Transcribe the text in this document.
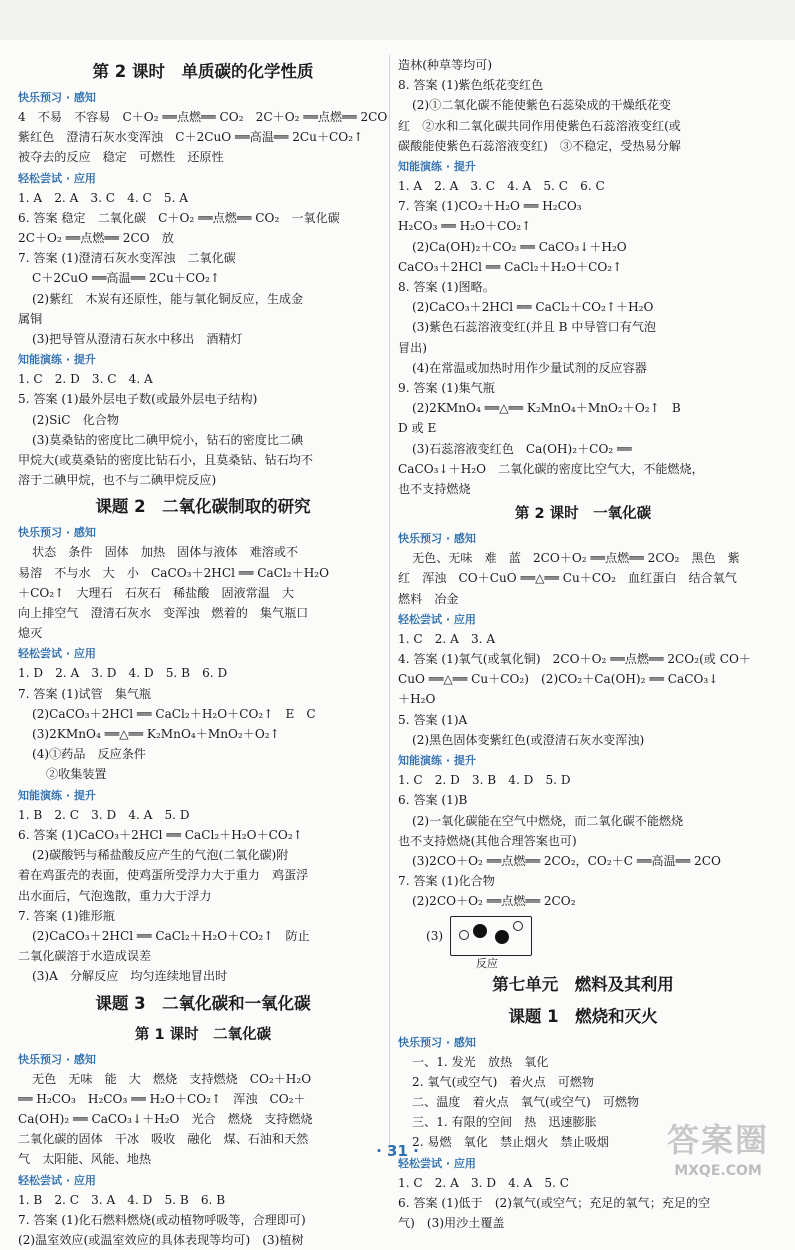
第 2 课时　单质碳的化学性质
快乐预习 · 感知
4　不易　不容易　C＋O₂ ══点燃══ CO₂　2C＋O₂ ══点燃══ 2CO
紫红色　澄清石灰水变浑浊　C＋2CuO ══高温══ 2Cu＋CO₂↑
被夺去的反应　稳定　可燃性　还原性
轻松尝试 · 应用
1. A　2. A　3. C　4. C　5. A
6. 答案 稳定　二氧化碳　C＋O₂ ══点燃══ CO₂　一氧化碳
2C＋O₂ ══点燃══ 2CO　放
7. 答案 (1)澄清石灰水变浑浊　二氧化碳
C＋2CuO ══高温══ 2Cu＋CO₂↑
(2)紫红　木炭有还原性，能与氧化铜反应，生成金
属铜
(3)把导管从澄清石灰水中移出　酒精灯
知能演练 · 提升
1. C　2. D　3. C　4. A
5. 答案 (1)最外层电子数(或最外层电子结构)
(2)SiC　化合物
(3)莫桑钻的密度比二碘甲烷小，钻石的密度比二碘
甲烷大(或莫桑钻的密度比钻石小，且莫桑钻、钻石均不
溶于二碘甲烷，也不与二碘甲烷反应)
课题 2　二氧化碳制取的研究
快乐预习 · 感知
状态　条件　固体　加热　固体与液体　难溶或不
易溶　不与水　大　小　CaCO₃＋2HCl ══ CaCl₂＋H₂O
＋CO₂↑　大理石　石灰石　稀盐酸　固液常温　大
向上排空气　澄清石灰水　变浑浊　燃着的　集气瓶口
熄灭
轻松尝试 · 应用
1. D　2. A　3. D　4. D　5. B　6. D
7. 答案 (1)试管　集气瓶
(2)CaCO₃＋2HCl ══ CaCl₂＋H₂O＋CO₂↑　E　C
(3)2KMnO₄ ══△══ K₂MnO₄＋MnO₂＋O₂↑
(4)①药品　反应条件
②收集装置
知能演练 · 提升
1. B　2. C　3. D　4. A　5. D
6. 答案 (1)CaCO₃＋2HCl ══ CaCl₂＋H₂O＋CO₂↑
(2)碳酸钙与稀盐酸反应产生的气泡(二氧化碳)附
着在鸡蛋壳的表面，使鸡蛋所受浮力大于重力　鸡蛋浮
出水面后，气泡逸散，重力大于浮力
7. 答案 (1)锥形瓶
(2)CaCO₃＋2HCl ══ CaCl₂＋H₂O＋CO₂↑　防止
二氧化碳溶于水造成误差
(3)A　分解反应　均匀连续地冒出时
课题 3　二氧化碳和一氧化碳
第 1 课时　二氧化碳
快乐预习 · 感知
无色　无味　能　大　燃烧　支持燃烧　CO₂＋H₂O
══ H₂CO₃　H₂CO₃ ══ H₂O＋CO₂↑　浑浊　CO₂＋
Ca(OH)₂ ══ CaCO₃↓＋H₂O　光合　燃烧　支持燃烧
二氧化碳的固体　干冰　吸收　融化　煤、石油和天然
气　太阳能、风能、地热
轻松尝试 · 应用
1. B　2. C　3. A　4. D　5. B　6. B
7. 答案 (1)化石燃料燃烧(或动植物呼吸等，合理即可)
(2)温室效应(或温室效应的具体表现等均可)　(3)植树
造林(种草等均可)
8. 答案 (1)紫色纸花变红色
(2)①二氧化碳不能使紫色石蕊染成的干燥纸花变
红　②水和二氧化碳共同作用使紫色石蕊溶液变红(或
碳酸能使紫色石蕊溶液变红)　③不稳定，受热易分解
知能演练 · 提升
1. A　2. A　3. C　4. A　5. C　6. C
7. 答案 (1)CO₂＋H₂O ══ H₂CO₃
H₂CO₃ ══ H₂O＋CO₂↑
(2)Ca(OH)₂＋CO₂ ══ CaCO₃↓＋H₂O
CaCO₃＋2HCl ══ CaCl₂＋H₂O＋CO₂↑
8. 答案 (1)图略。
(2)CaCO₃＋2HCl ══ CaCl₂＋CO₂↑＋H₂O
(3)紫色石蕊溶液变红(并且 B 中导管口有气泡
冒出)
(4)在常温或加热时用作少量试剂的反应容器
9. 答案 (1)集气瓶
(2)2KMnO₄ ══△══ K₂MnO₄＋MnO₂＋O₂↑　B
D 或 E
(3)石蕊溶液变红色　Ca(OH)₂＋CO₂ ══
CaCO₃↓＋H₂O　二氧化碳的密度比空气大，不能燃烧，
也不支持燃烧
第 2 课时　一氧化碳
快乐预习 · 感知
无色、无味　难　蓝　2CO＋O₂ ══点燃══ 2CO₂　黑色　紫
红　浑浊　CO＋CuO ══△══ Cu＋CO₂　血红蛋白　结合氧气
燃料　冶金
轻松尝试 · 应用
1. C　2. A　3. A
4. 答案 (1)氧气(或氧化铜)　2CO＋O₂ ══点燃══ 2CO₂(或 CO＋
CuO ══△══ Cu＋CO₂)　(2)CO₂＋Ca(OH)₂ ══ CaCO₃↓
＋H₂O
5. 答案 (1)A
(2)黑色固体变紫红色(或澄清石灰水变浑浊)
知能演练 · 提升
1. C　2. D　3. B　4. D　5. D
6. 答案 (1)B
(2)一氧化碳能在空气中燃烧，而二氧化碳不能燃烧
也不支持燃烧(其他合理答案也可)
(3)2CO＋O₂ ══点燃══ 2CO₂，CO₂＋C ══高温══ 2CO
7. 答案 (1)化合物
(2)2CO＋O₂ ══点燃══ 2CO₂
(3)
反应
第七单元　燃料及其利用
课题 1　燃烧和灭火
快乐预习 · 感知
一、1. 发光　放热　氧化
2. 氧气(或空气)　着火点　可燃物
二、温度　着火点　氧气(或空气)　可燃物
三、1. 有限的空间　热　迅速膨胀
2. 易燃　氧化　禁止烟火　禁止吸烟
轻松尝试 · 应用
1. C　2. A　3. D　4. A　5. C
6. 答案 (1)低于　(2)氧气(或空气；充足的氧气；充足的空
气)　(3)用沙土覆盖
· 31 ·	答案圈
MXQE.COM
